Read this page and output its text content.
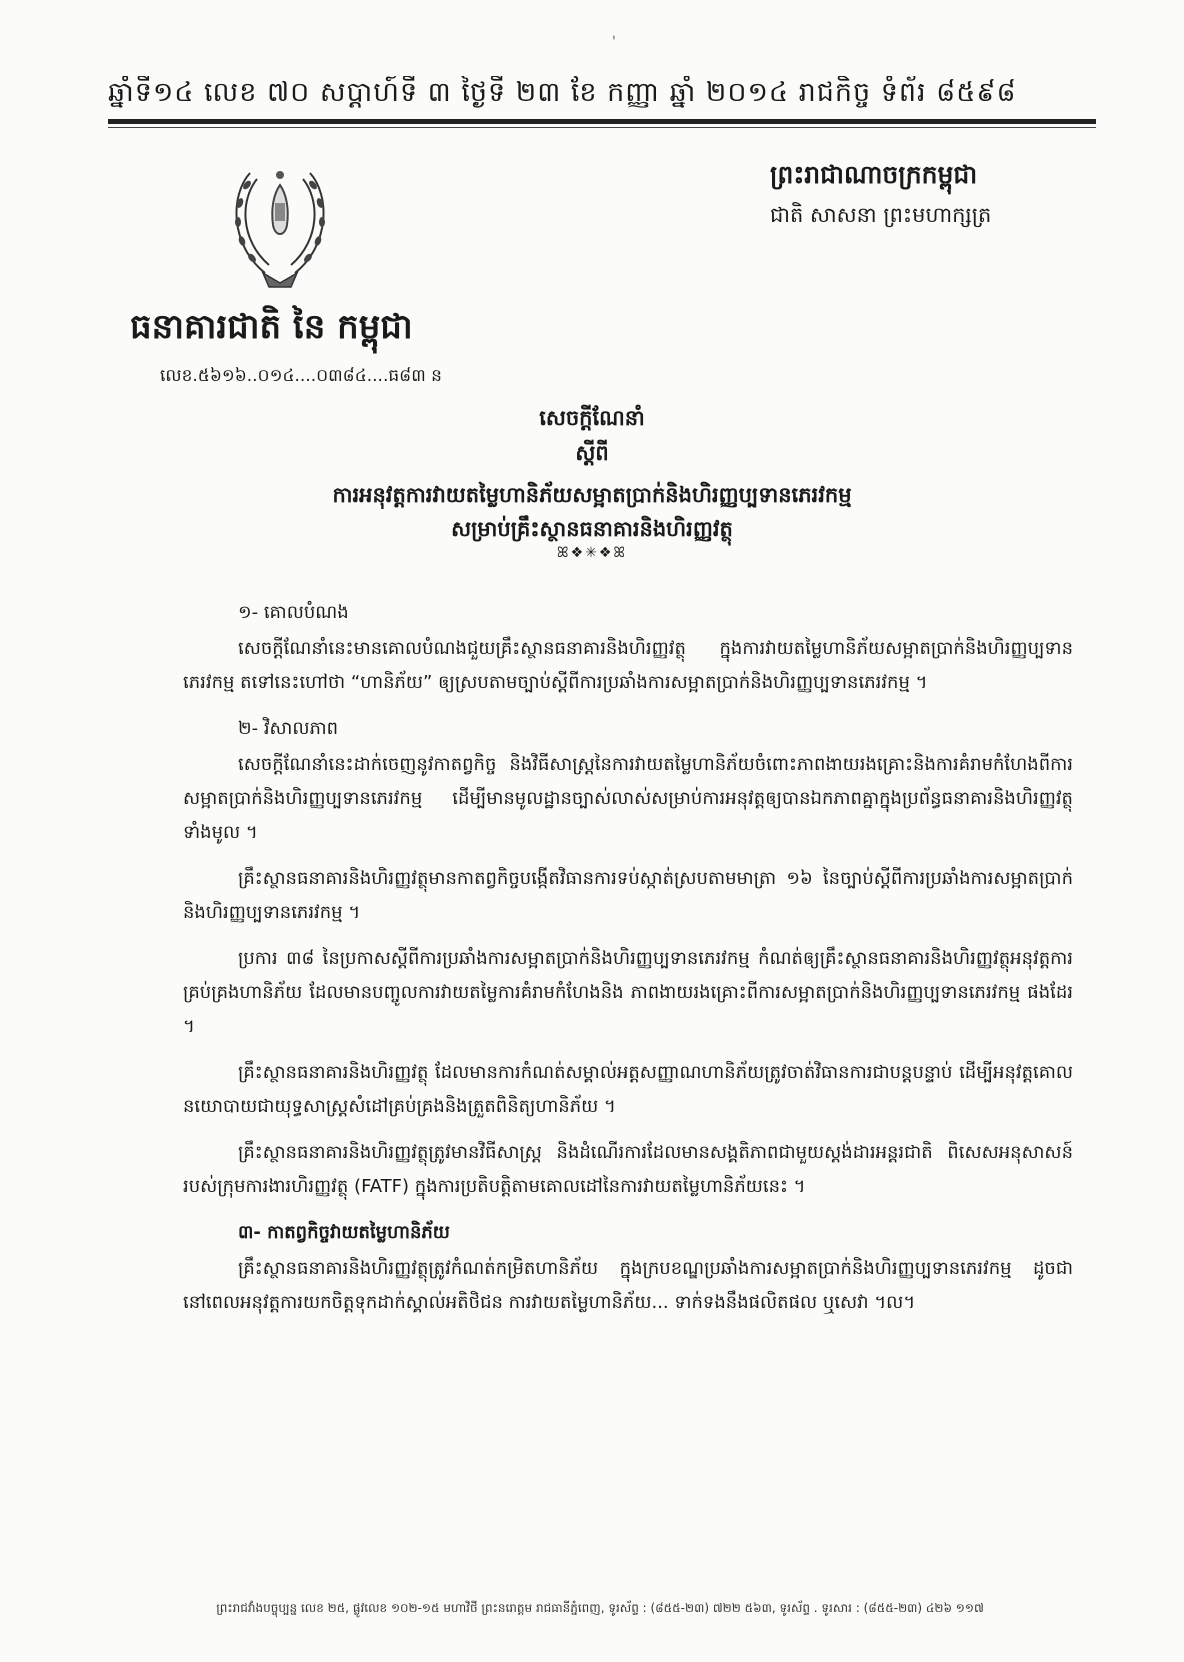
'
ឆ្នាំទី១៤ លេខ ៧០ សប្ដាហ៍ទី ៣ ថ្ងៃទី ២៣ ខែ កញ្ញា ឆ្នាំ ២០១៤ រាជកិច្ច ទំព័រ ៨៥៩៨
ព្រះរាជាណាចក្រកម្ពុជា
ជាតិ សាសនា ព្រះមហាក្សត្រ
ធនាគារជាតិ នៃ កម្ពុជា
លេខ.៥៦១៦..០១៤....០៣៨៤....ធ៨៣ ន
សេចក្ដីណែនាំ
ស្ដីពី
ការអនុវត្តការវាយតម្លៃហានិភ័យសម្អាតប្រាក់និងហិរញ្ញប្បទានភេរវកម្ម
សម្រាប់គ្រឹះស្ថានធនាគារនិងហិរញ្ញវត្ថុ
ꕤ❖✳❖ꕤ
១- គោលបំណង

សេចក្ដីណែនាំនេះមានគោលបំណងជួយគ្រឹះស្ថានធនាគារនិងហិរញ្ញវត្ថុ ក្នុងការវាយតម្លៃហានិភ័យសម្អាតប្រាក់និងហិរញ្ញប្បទានភេរវកម្ម តទៅនេះហៅថា “ហានិភ័យ” ឲ្យស្របតាមច្បាប់ស្ដីពីការប្រឆាំងការសម្អាតប្រាក់និងហិរញ្ញប្បទានភេរវកម្ម ។

២- វិសាលភាព

សេចក្ដីណែនាំនេះដាក់ចេញនូវកាតព្វកិច្ច និងវិធីសាស្ត្រនៃការវាយតម្លៃហានិភ័យចំពោះភាពងាយរងគ្រោះនិងការគំរាមកំហែងពីការសម្អាតប្រាក់និងហិរញ្ញប្បទានភេរវកម្ម ដើម្បីមានមូលដ្ឋានច្បាស់លាស់សម្រាប់ការអនុវត្តឲ្យបានឯកភាពគ្នាក្នុងប្រព័ន្ធធនាគារនិងហិរញ្ញវត្ថុទាំងមូល ។

គ្រឹះស្ថានធនាគារនិងហិរញ្ញវត្ថុមានកាតព្វកិច្ចបង្កើតវិធានការទប់ស្កាត់ស្របតាមមាត្រា ១៦ នៃច្បាប់ស្ដីពីការប្រឆាំងការសម្អាតប្រាក់និងហិរញ្ញប្បទានភេរវកម្ម ។

ប្រការ ៣៨ នៃប្រកាសស្ដីពីការប្រឆាំងការសម្អាតប្រាក់និងហិរញ្ញប្បទានភេរវកម្ម កំណត់ឲ្យគ្រឹះស្ថានធនាគារនិងហិរញ្ញវត្ថុអនុវត្តការគ្រប់គ្រងហានិភ័យ ដែលមានបញ្ចូលការវាយតម្លៃការគំរាមកំហែងនិង ភាពងាយរងគ្រោះពីការសម្អាតប្រាក់និងហិរញ្ញប្បទានភេរវកម្ម ផងដែរ ។

គ្រឹះស្ថានធនាគារនិងហិរញ្ញវត្ថុ ដែលមានការកំណត់សម្គាល់អត្តសញ្ញាណហានិភ័យត្រូវចាត់វិធានការជាបន្តបន្ទាប់ ដើម្បីអនុវត្តគោលនយោបាយជាយុទ្ធសាស្ត្រសំដៅគ្រប់គ្រងនិងត្រួតពិនិត្យហានិភ័យ ។

គ្រឹះស្ថានធនាគារនិងហិរញ្ញវត្ថុត្រូវមានវិធីសាស្ត្រ និងដំណើរការដែលមានសង្គតិភាពជាមួយស្តង់ដារអន្តរជាតិ ពិសេសអនុសាសន៍របស់ក្រុមការងារហិរញ្ញវត្ថុ (FATF) ក្នុងការប្រតិបត្តិតាមគោលដៅនៃការវាយតម្លៃហានិភ័យនេះ ។

៣- កាតព្វកិច្ចវាយតម្លៃហានិភ័យ

គ្រឹះស្ថានធនាគារនិងហិរញ្ញវត្ថុត្រូវកំណត់កម្រិតហានិភ័យ ក្នុងក្របខណ្ឌប្រឆាំងការសម្អាតប្រាក់និងហិរញ្ញប្បទានភេរវកម្ម ដូចជា នៅពេលអនុវត្តការយកចិត្តទុកដាក់ស្គាល់អតិថិជន ការវាយតម្លៃហានិភ័យ... ទាក់ទងនឹងផលិតផល ឬសេវា ។ល។

ព្រះរាជវាំងបច្ចុប្បន្ន លេខ ២៥, ផ្លូវលេខ ១០២-១៥ មហាវិថី ព្រះនរោត្តម រាជធានីភ្នំពេញ, ទូរស័ព្ទ : (៨៥៥-២៣) ៧២២ ៥៦៣, ទូរស័ព្ទ . ទូរសារ : (៨៥៥-២៣) ៤២៦ ១១៧
